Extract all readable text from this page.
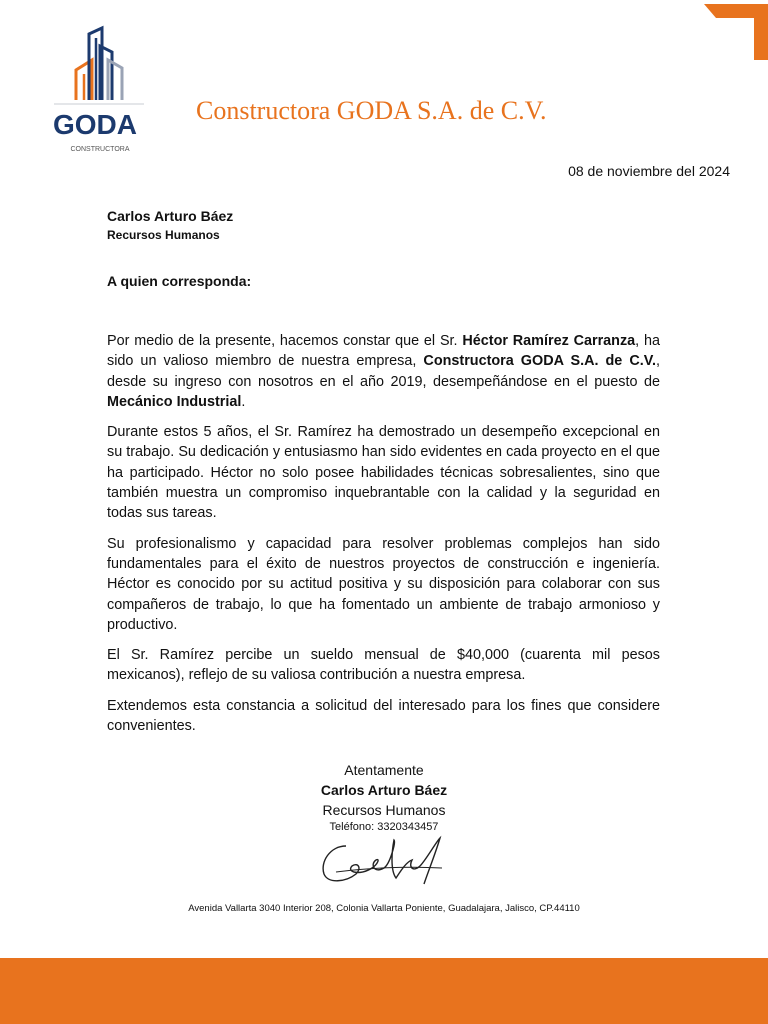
GODA
CONSTRUCTORA
Constructora GODA S.A. de C.V.
08 de noviembre del 2024
Carlos Arturo Báez
Recursos Humanos
A quien corresponda:

Por medio de la presente, hacemos constar que el Sr. Héctor Ramírez Carranza, ha sido un valioso miembro de nuestra empresa, Constructora GODA S.A. de C.V., desde su ingreso con nosotros en el año 2019, desempeñándose en el puesto de Mecánico Industrial.

Durante estos 5 años, el Sr. Ramírez ha demostrado un desempeño excepcional en su trabajo. Su dedicación y entusiasmo han sido evidentes en cada proyecto en el que ha participado. Héctor no solo posee habilidades técnicas sobresalientes, sino que también muestra un compromiso inquebrantable con la calidad y la seguridad en todas sus tareas.

Su profesionalismo y capacidad para resolver problemas complejos han sido fundamentales para el éxito de nuestros proyectos de construcción e ingeniería. Héctor es conocido por su actitud positiva y su disposición para colaborar con sus compañeros de trabajo, lo que ha fomentado un ambiente de trabajo armonioso y productivo.

El Sr. Ramírez percibe un sueldo mensual de $40,000 (cuarenta mil pesos mexicanos), reflejo de su valiosa contribución a nuestra empresa.

Extendemos esta constancia a solicitud del interesado para los fines que considere convenientes.

Atentamente
Carlos Arturo Báez
Recursos Humanos
Teléfono: 3320343457
Avenida Vallarta 3040 Interior 208, Colonia Vallarta Poniente, Guadalajara, Jalisco, CP.44110
